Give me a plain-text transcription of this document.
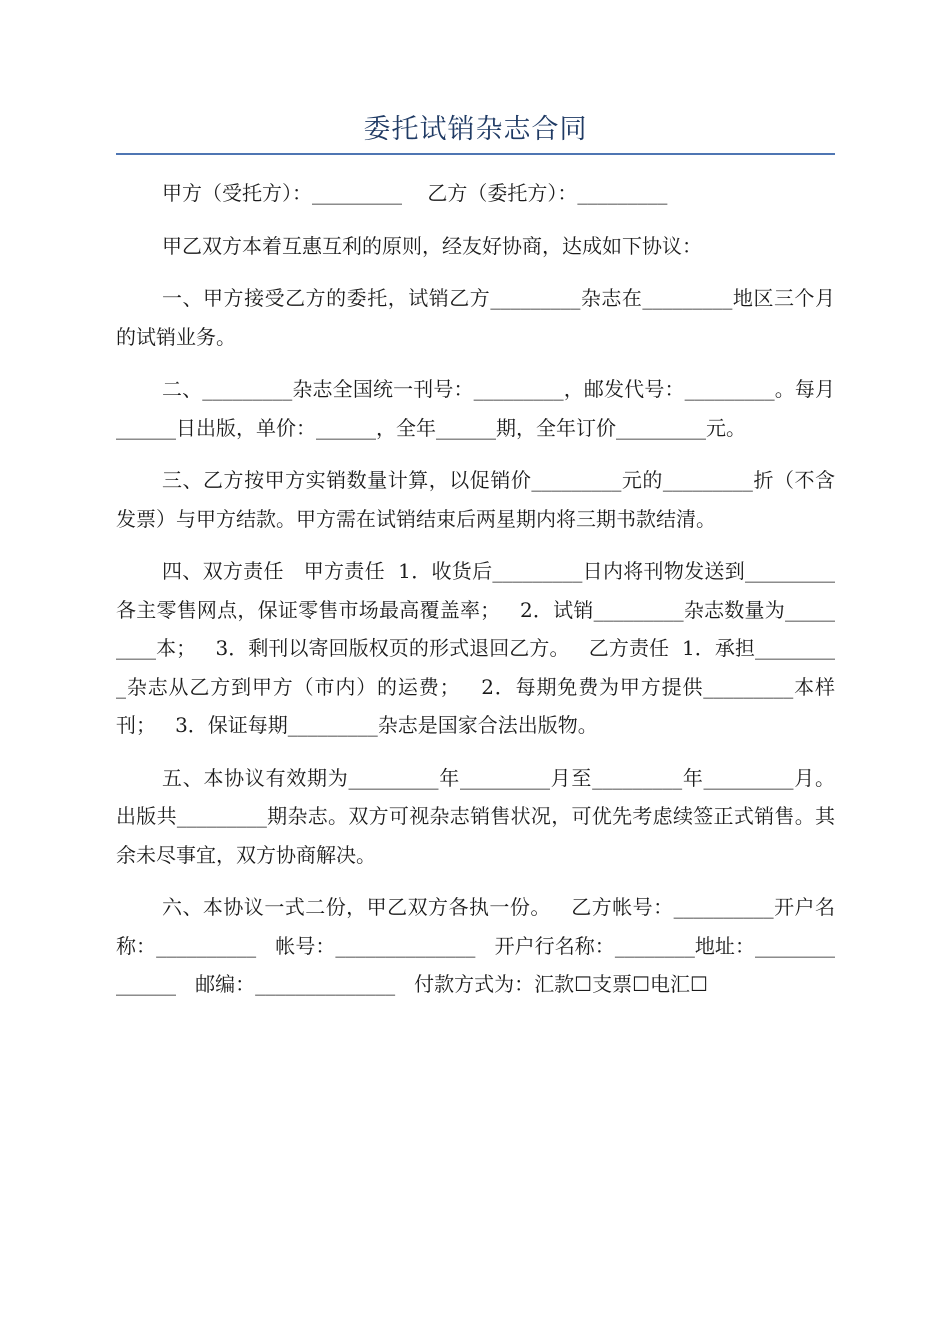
委托试销杂志合同

甲方（受托方）：_________    乙方（委托方）：_________

甲乙双方本着互惠互利的原则，经友好协商，达成如下协议：

一、甲方接受乙方的委托，试销乙方_________杂志在_________地区三个月的试销业务。

二、_________杂志全国统一刊号：_________，邮发代号：_________。每月______日出版，单价：______，全年______期，全年订价_________元。

三、乙方按甲方实销数量计算，以促销价_________元的_________折（不含发票）与甲方结款。甲方需在试销结束后两星期内将三期书款结清。

四、双方责任   甲方责任  1．收货后_________日内将刊物发送到_________各主零售网点，保证零售市场最高覆盖率；   2．试销_________杂志数量为_________本；   3．剩刊以寄回版权页的形式退回乙方。   乙方责任  1．承担_________杂志从乙方到甲方（市内）的运费；   2．每期免费为甲方提供_________本样刊；   3．保证每期_________杂志是国家合法出版物。

五、本协议有效期为_________年_________月至_________年_________月。出版共_________期杂志。双方可视杂志销售状况，可优先考虑续签正式销售。其余未尽事宜，双方协商解决。

六、本协议一式二份，甲乙双方各执一份。   乙方帐号：__________开户名称：__________   帐号：______________   开户行名称：________地址：______________   邮编：______________   付款方式为：汇款☐支票☐电汇☐
